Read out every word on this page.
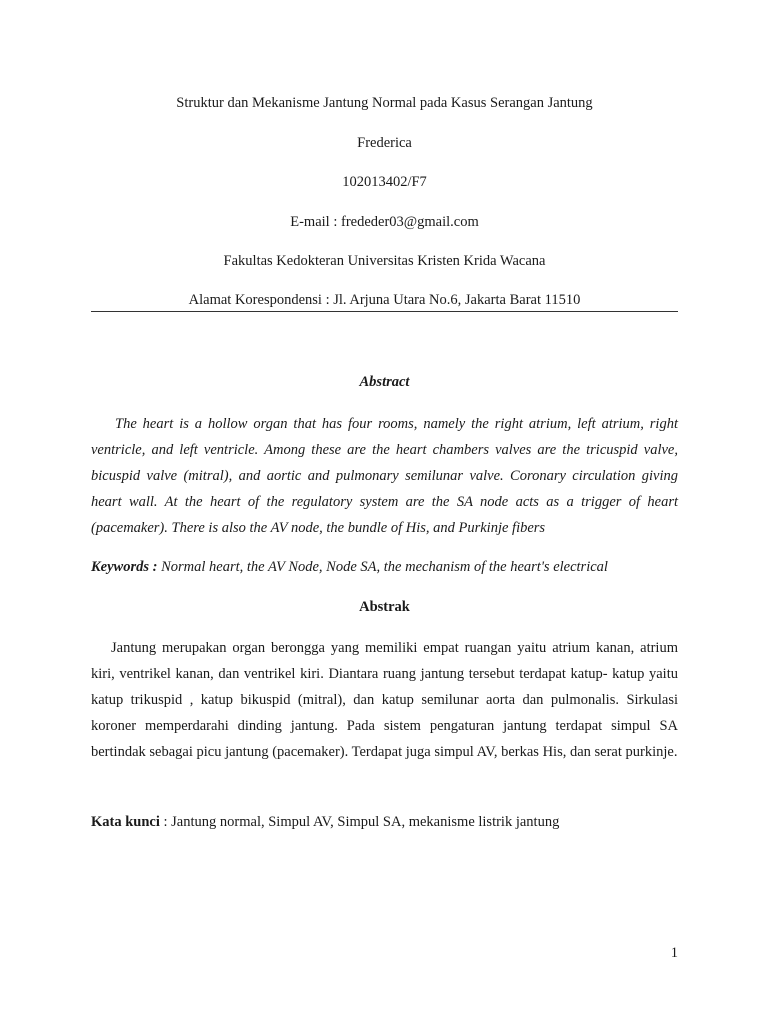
Struktur dan Mekanisme Jantung Normal pada Kasus Serangan Jantung

Frederica

102013402/F7

E-mail : frededer03@gmail.com

Fakultas Kedokteran Universitas Kristen Krida Wacana

Alamat Korespondensi : Jl. Arjuna Utara No.6, Jakarta Barat 11510

Abstract

The heart is a hollow organ that has four rooms, namely the right atrium, left atrium, right ventricle, and left ventricle. Among these are the heart chambers valves are the tricuspid valve, bicuspid valve (mitral), and aortic and pulmonary semilunar valve. Coronary circulation giving heart wall. At the heart of the regulatory system are the SA node acts as a trigger of heart (pacemaker). There is also the AV node, the bundle of His, and Purkinje fibers

Keywords : Normal heart, the AV Node, Node SA, the mechanism of the heart's electrical

Abstrak

Jantung merupakan organ berongga yang memiliki empat ruangan yaitu atrium kanan, atrium kiri, ventrikel kanan, dan ventrikel kiri. Diantara ruang jantung tersebut terdapat katup- katup yaitu katup trikuspid , katup bikuspid (mitral), dan katup semilunar aorta dan pulmonalis. Sirkulasi koroner memperdarahi dinding jantung. Pada sistem pengaturan jantung terdapat simpul SA bertindak sebagai picu jantung (pacemaker). Terdapat juga simpul AV, berkas His, dan serat purkinje.

Kata kunci : Jantung normal, Simpul AV, Simpul SA, mekanisme listrik jantung

1
